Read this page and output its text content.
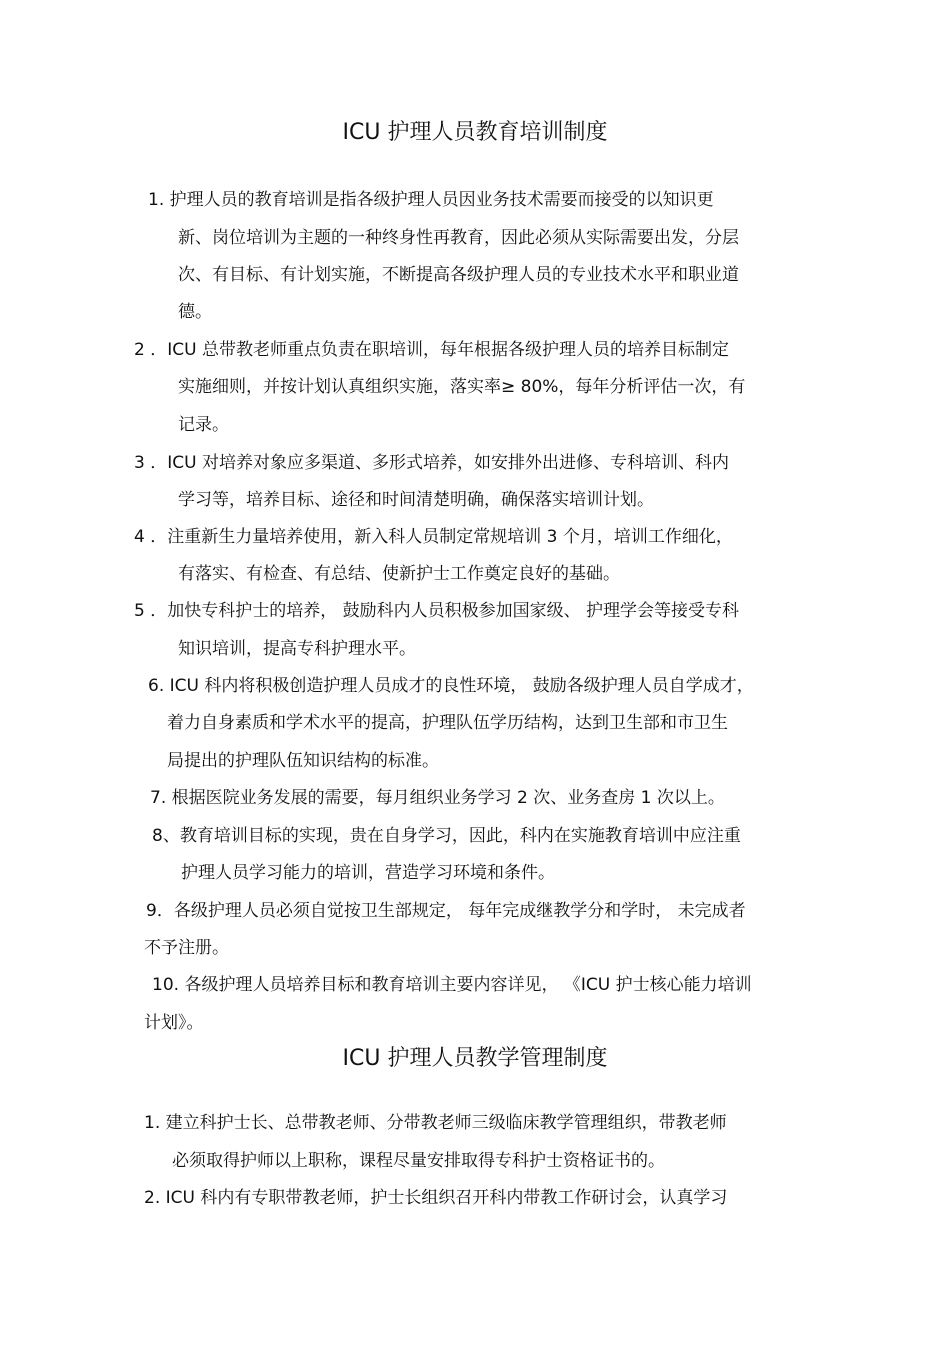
ICU 护理人员教育培训制度
1. 护理人员的教育培训是指各级护理人员因业务技术需要而接受的以知识更
新、岗位培训为主题的一种终身性再教育，因此必须从实际需要出发，分层
次、有目标、有计划实施，不断提高各级护理人员的专业技术水平和职业道
德。
2 ．ICU 总带教老师重点负责在职培训，每年根据各级护理人员的培养目标制定
实施细则，并按计划认真组织实施，落实率≥ 80%，每年分析评估一次，有
记录。
3 ．ICU 对培养对象应多渠道、多形式培养，如安排外出进修、专科培训、科内
学习等，培养目标、途径和时间清楚明确，确保落实培训计划。
4 ．注重新生力量培养使用，新入科人员制定常规培训 3 个月，培训工作细化，
有落实、有检查、有总结、使新护士工作奠定良好的基础。
5 ．加快专科护士的培养， 鼓励科内人员积极参加国家级、 护理学会等接受专科
知识培训，提高专科护理水平。
6. ICU 科内将积极创造护理人员成才的良性环境， 鼓励各级护理人员自学成才，
着力自身素质和学术水平的提高，护理队伍学历结构，达到卫生部和市卫生
局提出的护理队伍知识结构的标准。
7. 根据医院业务发展的需要，每月组织业务学习 2 次、业务查房 1 次以上。
8、教育培训目标的实现，贵在自身学习，因此，科内在实施教育培训中应注重
护理人员学习能力的培训，营造学习环境和条件。
9．各级护理人员必须自觉按卫生部规定， 每年完成继教学分和学时， 未完成者
不予注册。
10. 各级护理人员培养目标和教育培训主要内容详见， 《ICU 护士核心能力培训
计划》。
ICU 护理人员教学管理制度
1. 建立科护士长、总带教老师、分带教老师三级临床教学管理组织，带教老师
必须取得护师以上职称，课程尽量安排取得专科护士资格证书的。
2. ICU 科内有专职带教老师，护士长组织召开科内带教工作研讨会，认真学习
